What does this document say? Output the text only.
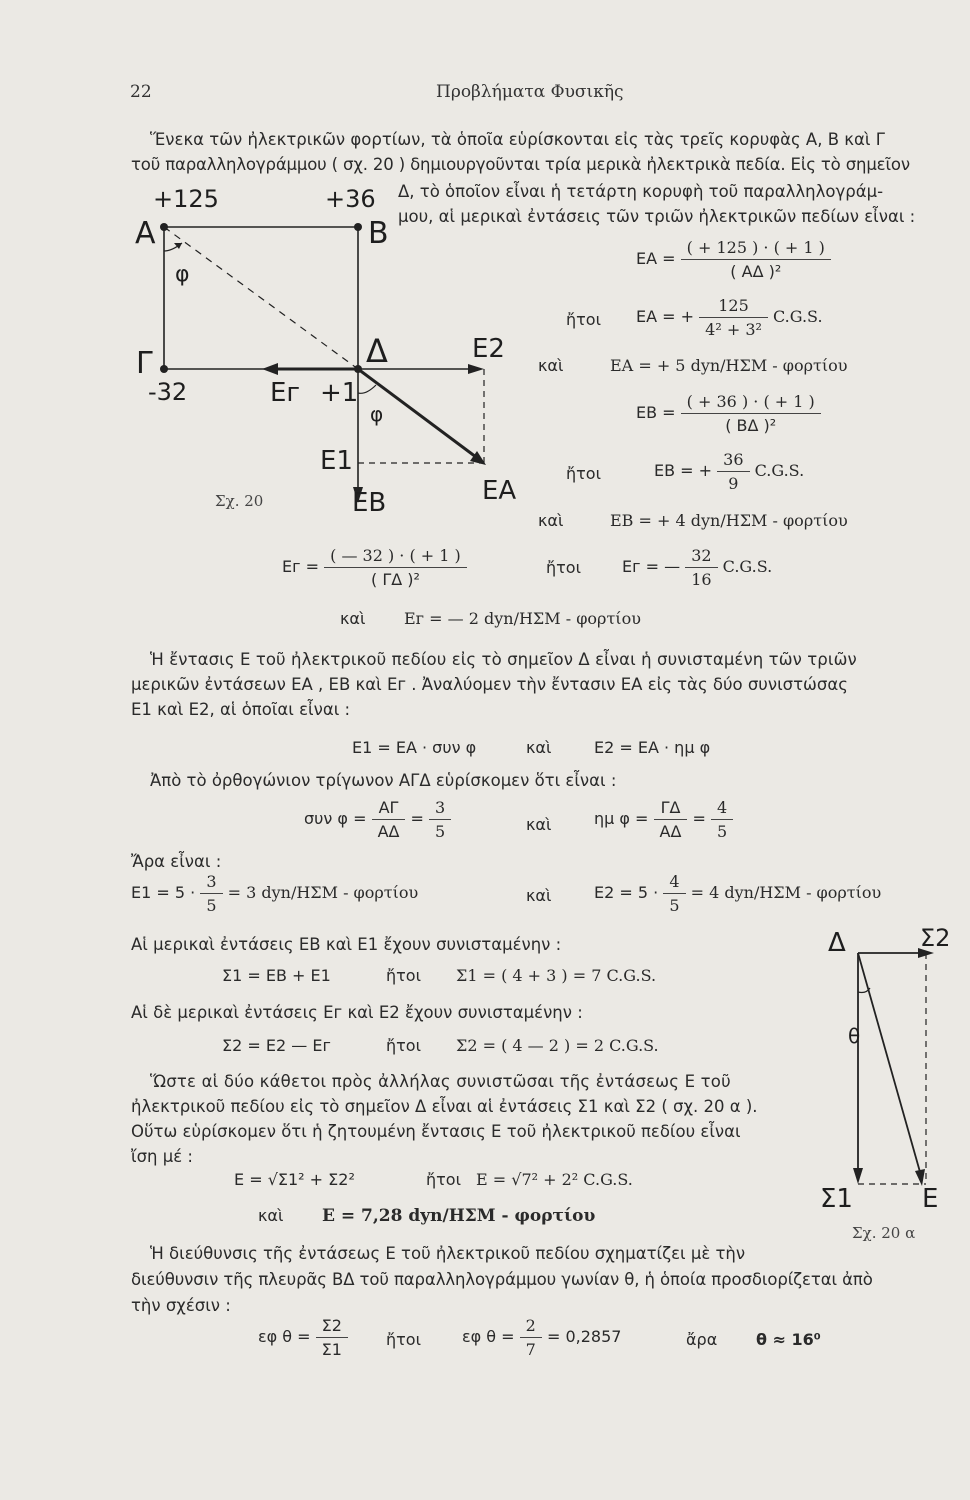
22	Προβλήματα Φυσικῆς
Ἕνεκα τῶν ἠλεκτρικῶν φορτίων, τὰ ὁποῖα εὑρίσκονται εἰς τὰς τρεῖς κορυφὰς Α, Β καὶ Γ
τοῦ παραλληλογράμμου ( σχ. 20 ) δημιουργοῦνται τρία μερικὰ ἠλεκτρικὰ πεδία. Εἰς τὸ σημεῖον
Δ, τὸ ὁποῖον εἶναι ἡ τετάρτη κορυφὴ τοῦ παραλληλογράμ-
μου, αἱ μερικαὶ ἐντάσεις τῶν τριῶν ἠλεκτρικῶν πεδίων εἶναι :
+125	+36
Α	Β
φ
Γ
-32
Δ	Ε2
Εг +1
φ
Ε1
ΕΑ
ΕΒ
Σχ. 20
$EA = \frac{( + 125 ) \cdot ( + 1 )}{\text{( ΑΔ )²}}$
ἤτοι ΕΑ = + $\frac{125}{\text{4² + 3²}} C.G.S$.
καὶ	ΕΑ = + 5 dyn/ΗΣΜ - φορτίου
$EB = \frac{( + 36 ) \cdot ( + 1 )}{\text{( ΒΔ )²}}$
ἤτοι	ΕΒ = + $\frac{36}{9} C.G.S$.
καὶ	ΕΒ = + 4 dyn/ΗΣΜ - φορτίου
$Eг = \frac{( — 32 ) \cdot ( + 1 )}{\text{( ΓΔ )²}}$	ἤτοι	Εг = — $\frac{32}{16} C.G.S$.
καὶ Εг = — 2 dyn/ΗΣΜ - φορτίου
Ἡ ἔντασις Ε τοῦ ἠλεκτρικοῦ πεδίου εἰς τὸ σημεῖον Δ εἶναι ἡ συνισταμένη τῶν τριῶν
μερικῶν ἐντάσεων ΕΑ , ΕΒ καὶ Εг . Ἀναλύομεν τὴν ἔντασιν ΕΑ εἰς τὰς δύο συνιστώσας
Ε1 καὶ Ε2, αἱ ὁποῖαι εἶναι :
Ε1 = ΕΑ · συν φ	καὶ	Ε2 = ΕΑ · ημ φ
Ἀπὸ τὸ ὀρθογώνιον τρίγωνον ΑΓΔ εὑρίσκομεν ὅτι εἶναι :
συν $\varphi = \frac{A\Gamma}{A\Delta} = \frac{3}{5}$	καὶ	ημ $\varphi = \frac{\Gamma\Delta}{A\Delta} = \frac{4}{5}$
Ἄρα εἶναι :
$E1 = 5 \cdot \frac{3}{5} = 3$ dyn/ΗΣΜ - φορτίου	καὶ	$E2 = 5 \cdot \frac{4}{5} = 4$ dyn/ΗΣΜ - φορτίου
Αἱ μερικαὶ ἐντάσεις ΕΒ καὶ Ε1 ἔχουν συνισταμένην :
Σ1 = ΕΒ + Ε1	ἤτοι Σ1 = ( 4 + 3 ) = 7 C.G.S.
Αἱ δὲ μερικαὶ ἐντάσεις Εг καὶ Ε2 ἔχουν συνισταμένην :
Σ2 = Ε2 — Εг	ἤτοι Σ2 = ( 4 — 2 ) = 2 C.G.S.
Ὥστε αἱ δύο κάθετοι πρὸς ἀλλήλας συνιστῶσαι τῆς ἐντάσεως Ε τοῦ
ἠλεκτρικοῦ πεδίου εἰς τὸ σημεῖον Δ εἶναι αἱ ἐντάσεις Σ1 καὶ Σ2 ( σχ. 20 α ).
Οὕτω εὑρίσκομεν ὅτι ἡ ζητουμένη ἔντασις Ε τοῦ ἠλεκτρικοῦ πεδίου εἶναι
ἴση μέ :
Ε = √Σ1² + Σ2²	ἤτοι Ε = √7² + 2² C.G.S.
καὶ Ε = 7,28 dyn/ΗΣΜ - φορτίου
Δ	Σ2
θ
Σ1	Ε
Σχ. 20 α
Ἡ διεύθυνσις τῆς ἐντάσεως Ε τοῦ ἠλεκτρικοῦ πεδίου σχηματίζει μὲ τὴν
διεύθυνσιν τῆς πλευρᾶς ΒΔ τοῦ παραλληλογράμμου γωνίαν θ, ἡ ὁποία προσδιορίζεται ἀπὸ
τὴν σχέσιν :
εφ $\theta = \frac{\Sigma 2}{\Sigma 1}$ ἤτοι	εφ $\theta = \frac{2}{7} = 0,2857$	ἄρα θ ≈ 16⁰
